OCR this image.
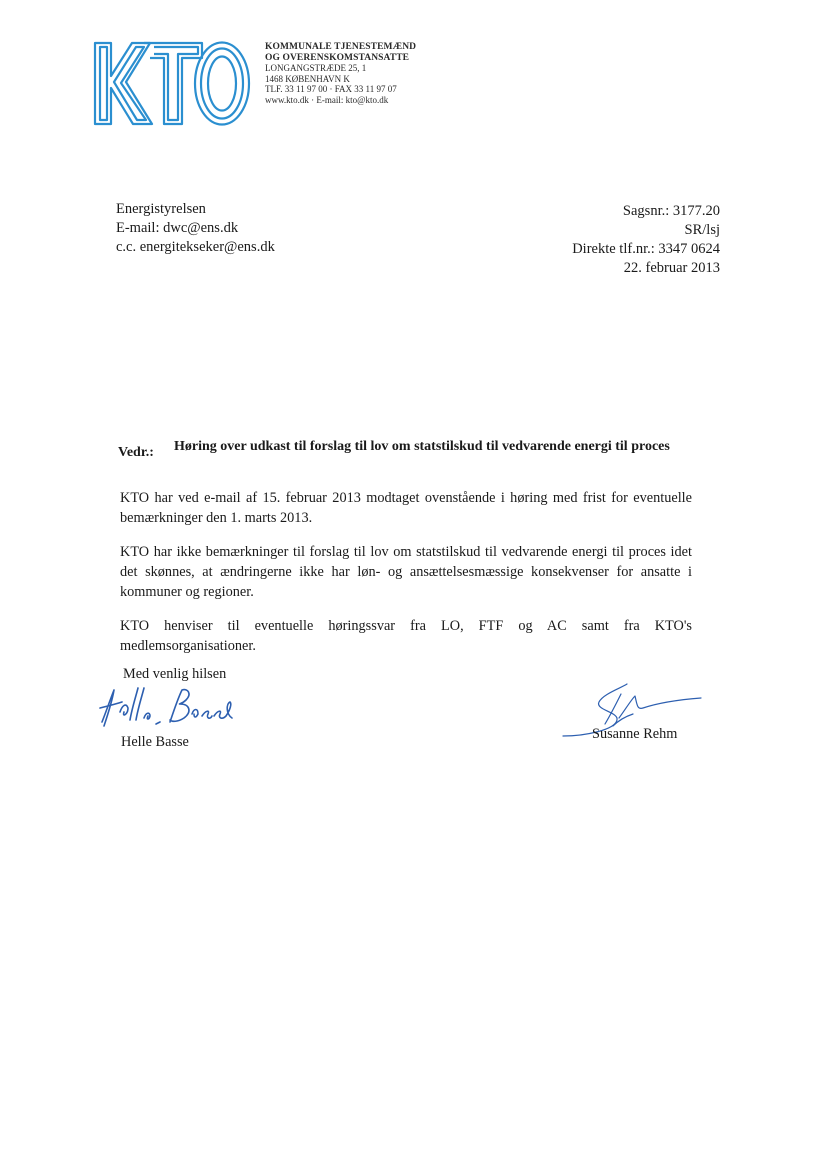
KOMMUNALE TJENESTEMÆND
OG OVERENSKOMSTANSATTE
LONGANGSTRÆDE 25, 1
1468 KØBENHAVN K
TLF. 33 11 97 00 · FAX 33 11 97 07
www.kto.dk · E-mail: kto@kto.dk
Energistyrelsen
E-mail: dwc@ens.dk
c.c. energitekseker@ens.dk
Sagsnr.: 3177.20
SR/lsj
Direkte tlf.nr.: 3347 0624
22. februar 2013
Vedr.: Høring over udkast til forslag til lov om statstilskud til vedvarende energi til proces
KTO har ved e-mail af 15. februar 2013 modtaget ovenstående i høring med frist for eventuelle bemærkninger den 1. marts 2013.
KTO har ikke bemærkninger til forslag til lov om statstilskud til vedvarende energi til proces idet det skønnes, at ændringerne ikke har løn- og ansættelsesmæssige konsekvenser for ansatte i kommuner og regioner.
KTO henviser til eventuelle høringssvar fra LO, FTF og AC samt fra KTO's medlemsorganisationer.
Med venlig hilsen
Helle Basse	Susanne Rehm
